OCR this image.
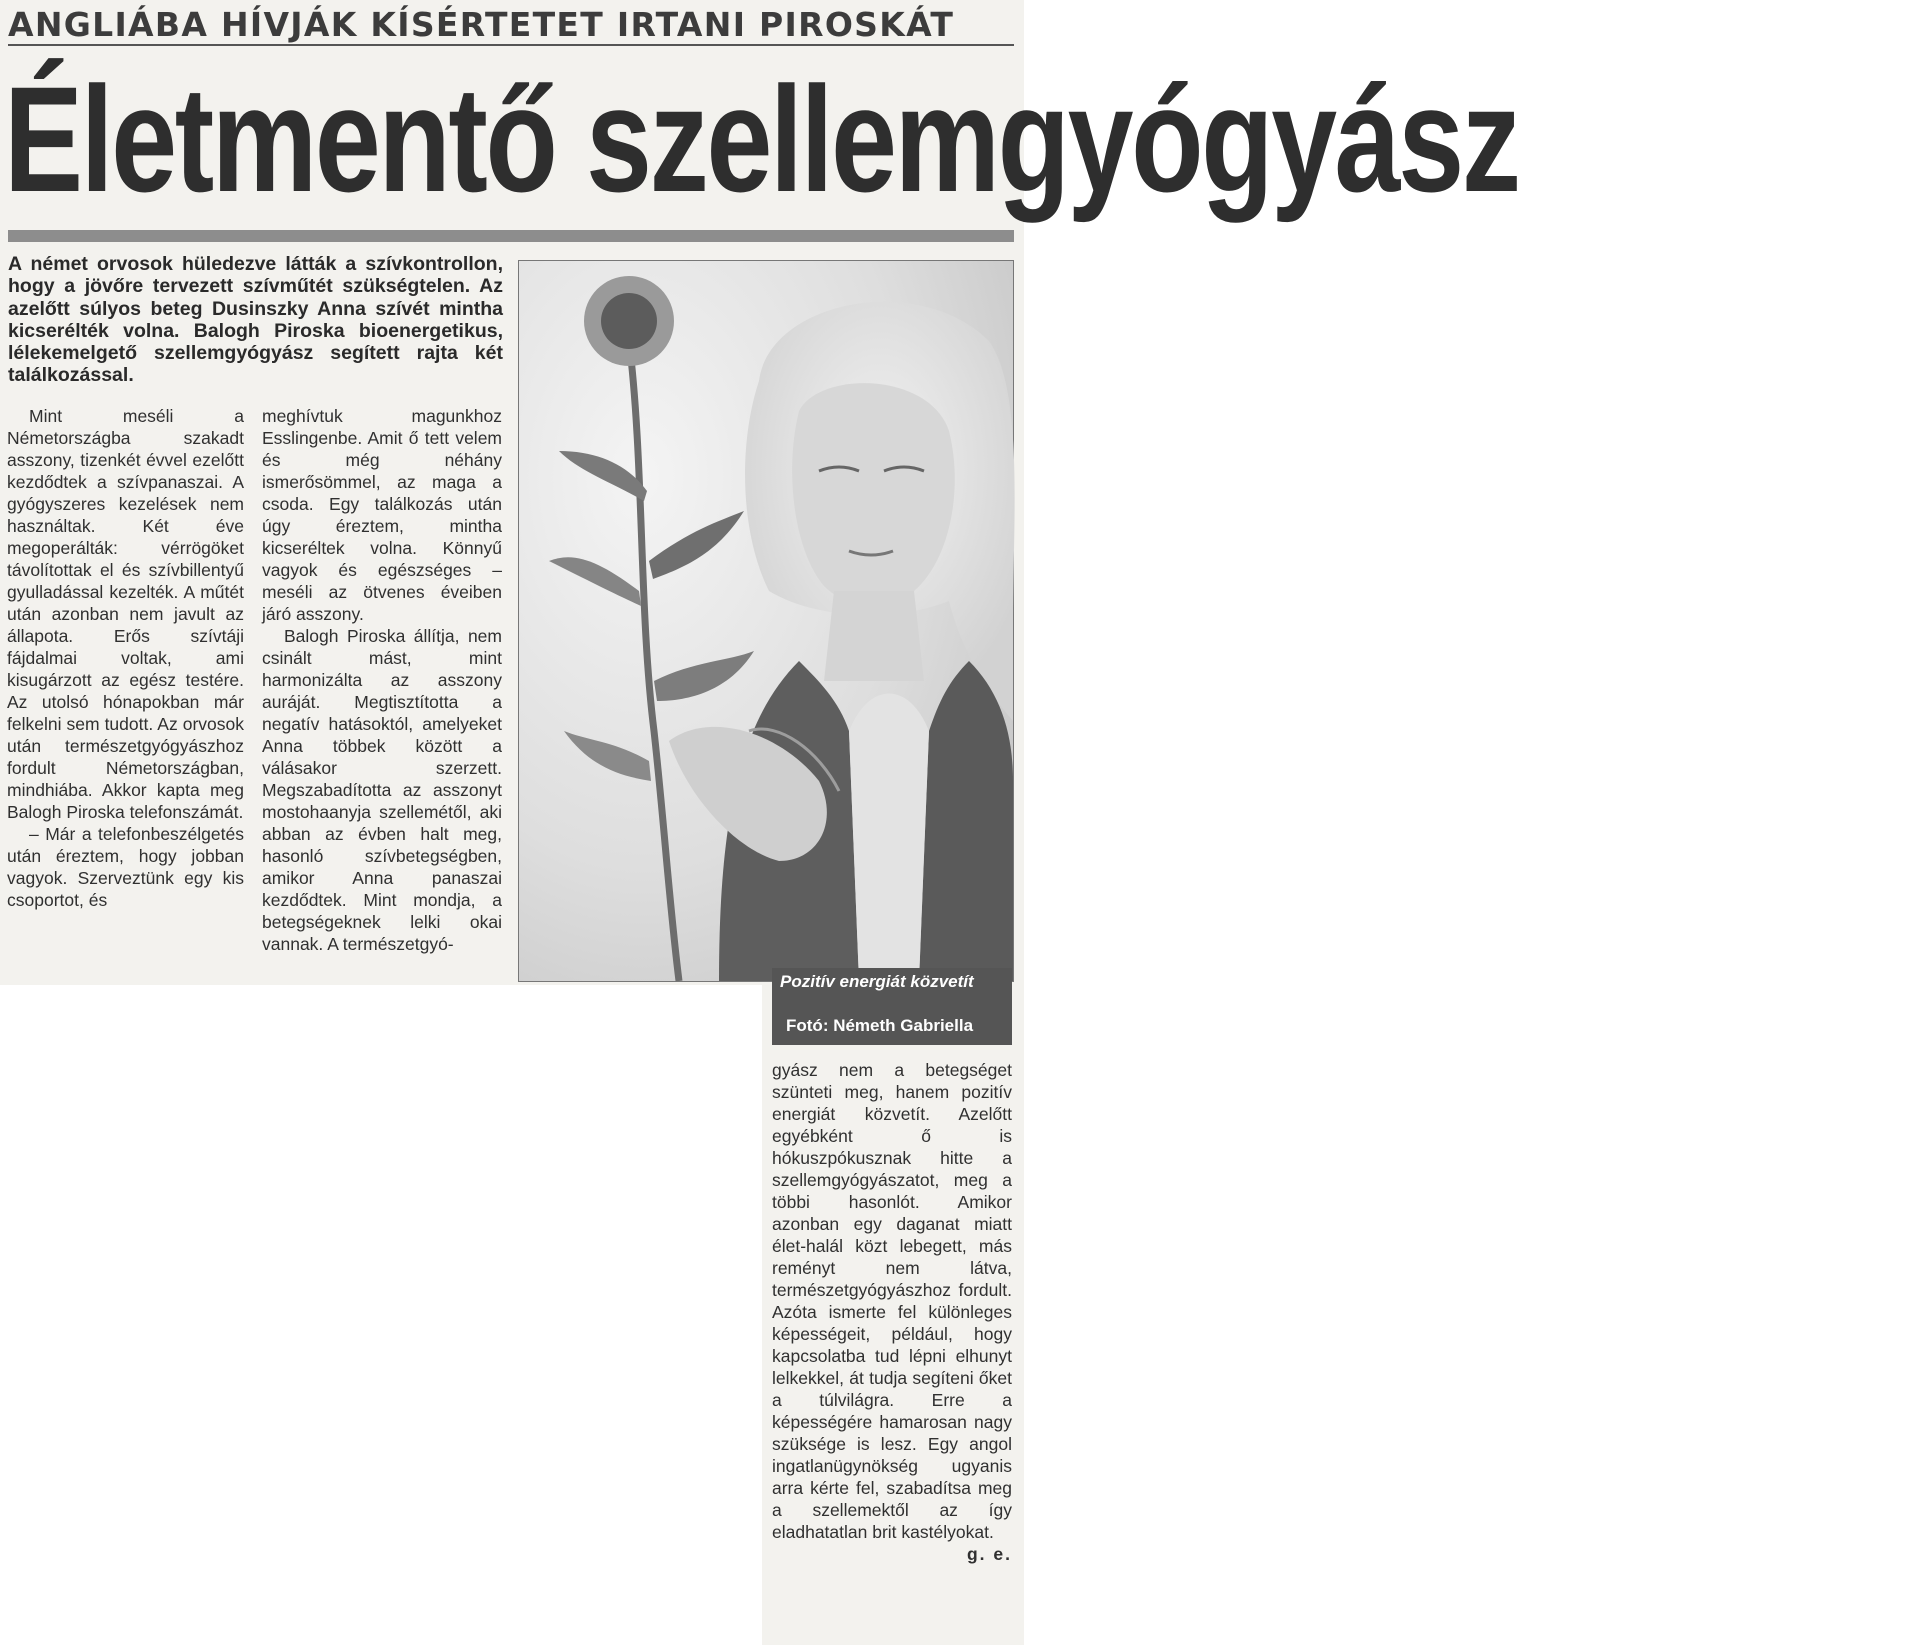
ANGLIÁBA HÍVJÁK KÍSÉRTETET IRTANI PIROSKÁT
Életmentő szellemgyógyász
A német orvosok hüledezve látták a szívkontrollon, hogy a jövőre tervezett szívműtét szükségtelen. Az azelőtt súlyos beteg Dusinszky Anna szívét mintha kicserélték volna. Balogh Piroska bioenergetikus, lélekemelgető szellemgyógyász segített rajta két találkozással.

Mint meséli a Németországba szakadt asszony, tizenkét évvel ezelőtt kezdődtek a szívpanaszai. A gyógyszeres kezelések nem használtak. Két éve megoperálták: vérrögöket távolítottak el és szívbillentyű gyulladással kezelték. A műtét után azonban nem javult az állapota. Erős szívtáji fájdalmai voltak, ami kisugárzott az egész testére. Az utolsó hónapokban már felkelni sem tudott. Az orvosok után természetgyógyászhoz fordult Németországban, mindhiába. Akkor kapta meg Balogh Piroska telefonszámát.

– Már a telefonbeszélgetés után éreztem, hogy jobban vagyok. Szerveztünk egy kis csoportot, és

meghívtuk magunkhoz Esslingenbe. Amit ő tett velem és még néhány ismerősömmel, az maga a csoda. Egy találkozás után úgy éreztem, mintha kicseréltek volna. Könnyű vagyok és egészséges – meséli az ötvenes éveiben járó asszony.

Balogh Piroska állítja, nem csinált mást, mint harmonizálta az asszony auráját. Megtisztította a negatív hatásoktól, amelyeket Anna többek között a válásakor szerzett. Megszabadította az asszonyt mostohaanyja szellemétől, aki abban az évben halt meg, hasonló szívbetegségben, amikor Anna panaszai kezdődtek. Mint mondja, a betegségeknek lelki okai vannak. A természetgyó-

Pozitív energiát közvetít
Fotó: Németh Gabriella

gyász nem a betegséget szünteti meg, hanem pozitív energiát közvetít. Azelőtt egyébként ő is hókuszpókusznak hitte a szellemgyógyászatot, meg a többi hasonlót. Amikor azonban egy daganat miatt élet-halál közt lebegett, más reményt nem látva, természetgyógyászhoz fordult. Azóta ismerte fel különleges képességeit, például, hogy kapcsolatba tud lépni elhunyt lelkekkel, át tudja segíteni őket a túlvilágra. Erre a képességére hamarosan nagy szüksége is lesz. Egy angol ingatlanügynökség ugyanis arra kérte fel, szabadítsa meg a szellemektől az így eladhatatlan brit kastélyokat.
g. e.
